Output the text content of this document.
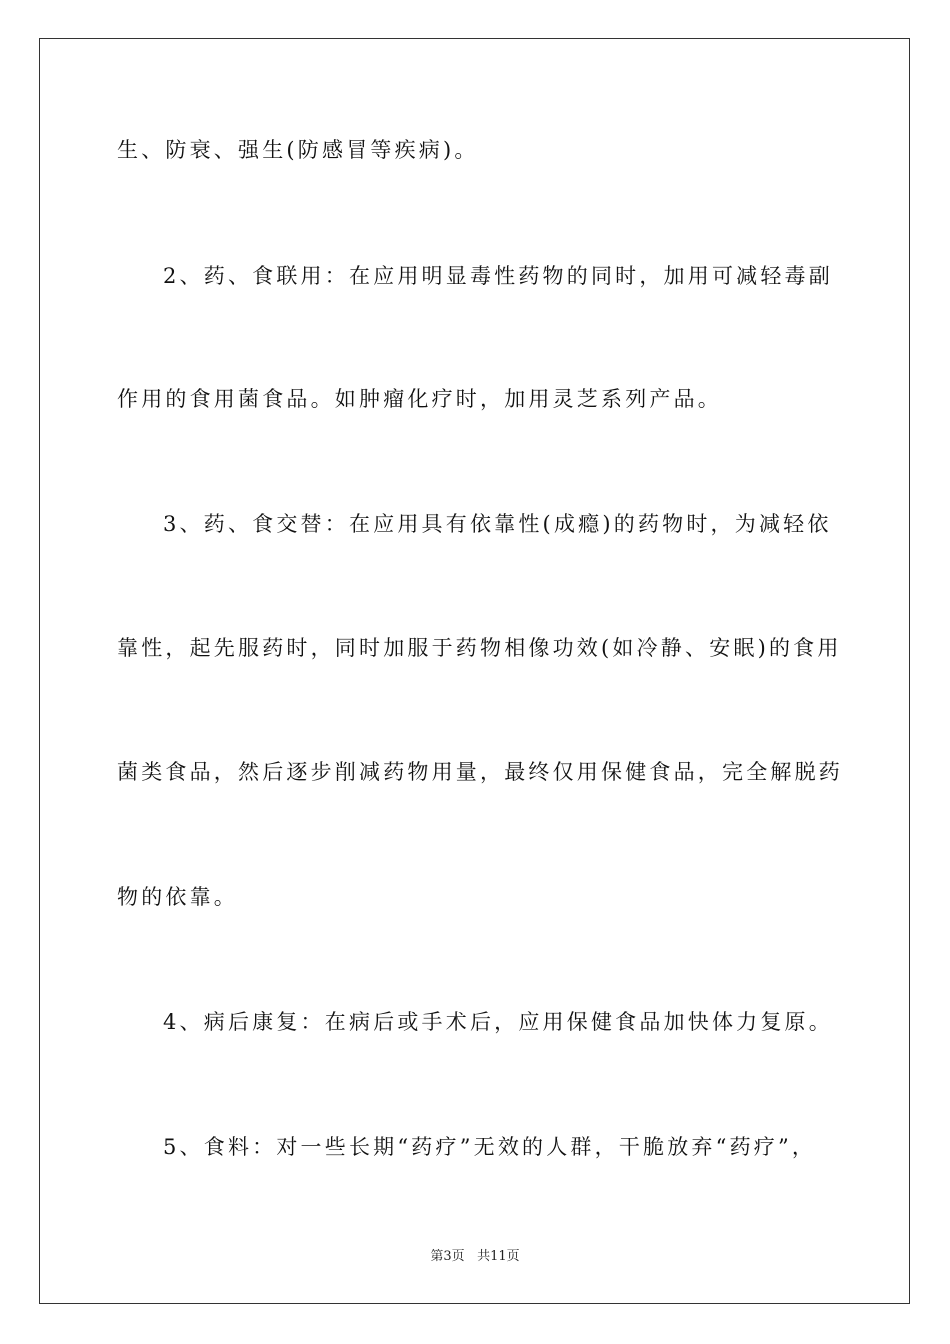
生、防衰、强生(防感冒等疾病)。
2、药、食联用：在应用明显毒性药物的同时，加用可减轻毒副
作用的食用菌食品。如肿瘤化疗时，加用灵芝系列产品。
3、药、食交替：在应用具有依靠性(成瘾)的药物时，为减轻依
靠性，起先服药时，同时加服于药物相像功效(如冷静、安眠)的食用
菌类食品，然后逐步削减药物用量，最终仅用保健食品，完全解脱药
物的依靠。
4、病后康复：在病后或手术后，应用保健食品加快体力复原。
5、食料：对一些长期“药疗”无效的人群，干脆放弃“药疗”，
第3页 共11页
